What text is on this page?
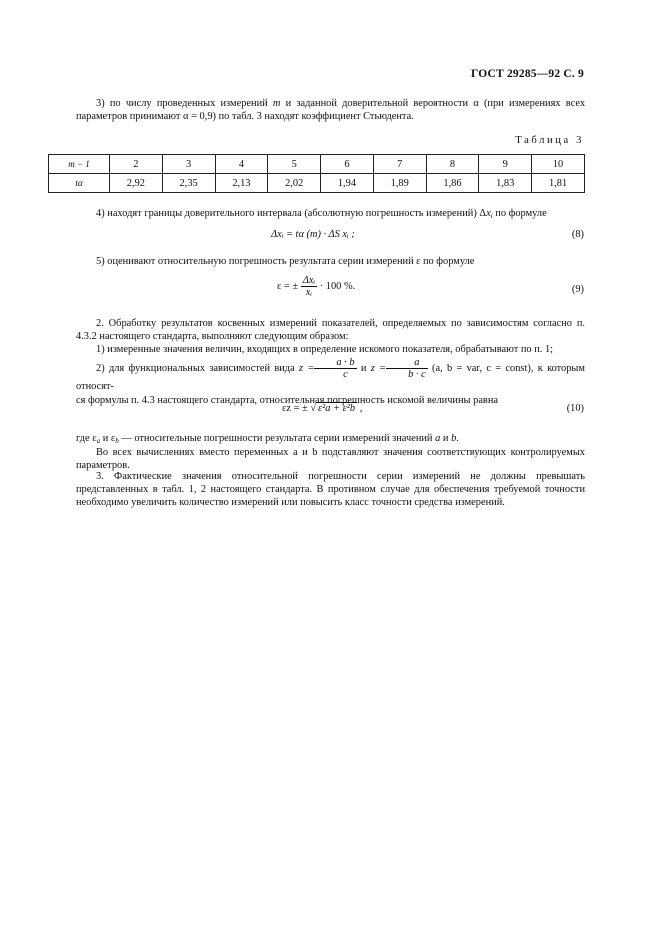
ГОСТ 29285—92 С. 9
3) по числу проведенных измерений m и заданной доверительной вероятности α (при измерениях всех параметров принимают α = 0,9) по табл. 3 находят коэффициент Стьюдента.
Таблица 3
m − 1	2	3	4	5	6	7	8	9	10
tα	2,92	2,35	2,13	2,02	1,94	1,89	1,86	1,83	1,81
4) находят границы доверительного интервала (абсолютную погрешность измерений) $\Delta x_i$ по формуле
Δxᵢ = tα (m) · ΔS xᵢ ;	(8)
5) оценивают относительную погрешность результата серии измерений ε по формуле
ε = ± $\frac{\text{Δxᵢ}}{\text{xᵢ}} \cdot 100$ %.	(9)
2. Обработку результатов косвенных измерений показателей, определяемых по зависимостям согласно п. 4.3.2 настоящего стандарта, выполняют следующим образом:
1) измеренные значения величин, входящих в определение искомого показателя, обрабатывают по п. 1;
2) для функциональных зависимостей вида $z = \frac{a \cdot b}{c}$ и $z = \frac{a}{b \cdot c} (a$, b = var, c = const), к которым относят-
ся формулы п. 4.3 настоящего стандарта, относительная погрешность искомой величины равна
εz = ± √ ε²a + ε²b ,	(10)
где $\varepsilon_a$ и $\varepsilon_b$ — относительные погрешности результата серии измерений значений a и b.
Во всех вычислениях вместо переменных a и b подставляют значения соответствующих контролируемых параметров.
3. Фактические значения относительной погрешности серии измерений не должны превышать представленных в табл. 1, 2 настоящего стандарта. В противном случае для обеспечения требуемой точности необходимо увеличить количество измерений или повысить класс точности средства измерений.
